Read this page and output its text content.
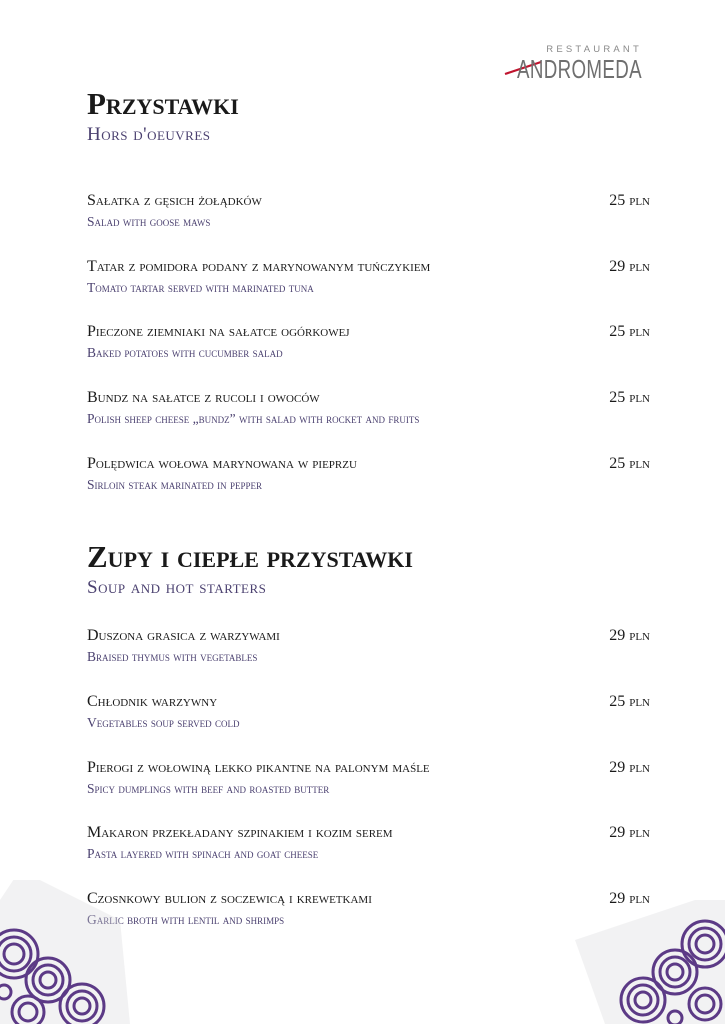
RESTAURANT
ANDROMEDA
Przystawki
Hors d'oeuvres
Sałatka z gęsich żołądków	25 pln
Salad with goose maws
Tatar z pomidora podany z marynowanym tuńczykiem	29 pln
Tomato tartar served with marinated tuna
Pieczone ziemniaki na sałatce ogórkowej	25 pln
Baked potatoes with cucumber salad
Bundz na sałatce z rucoli i owoców	25 pln
Polish sheep cheese „bundz” with salad with rocket and fruits
Polędwica wołowa marynowana w pieprzu	25 pln
Sirloin steak marinated in pepper
Zupy i ciepłe przystawki
Soup and hot starters
Duszona grasica z warzywami	29 pln
Braised thymus with vegetables
Chłodnik warzywny	25 pln
Vegetables soup served cold
Pierogi z wołowiną lekko pikantne na palonym maśle	29 pln
Spicy dumplings with beef and roasted butter
Makaron przekładany szpinakiem i kozim serem	29 pln
Pasta layered with spinach and goat cheese
Czosnkowy bulion z soczewicą i krewetkami	29 pln
Garlic broth with lentil and shrimps
